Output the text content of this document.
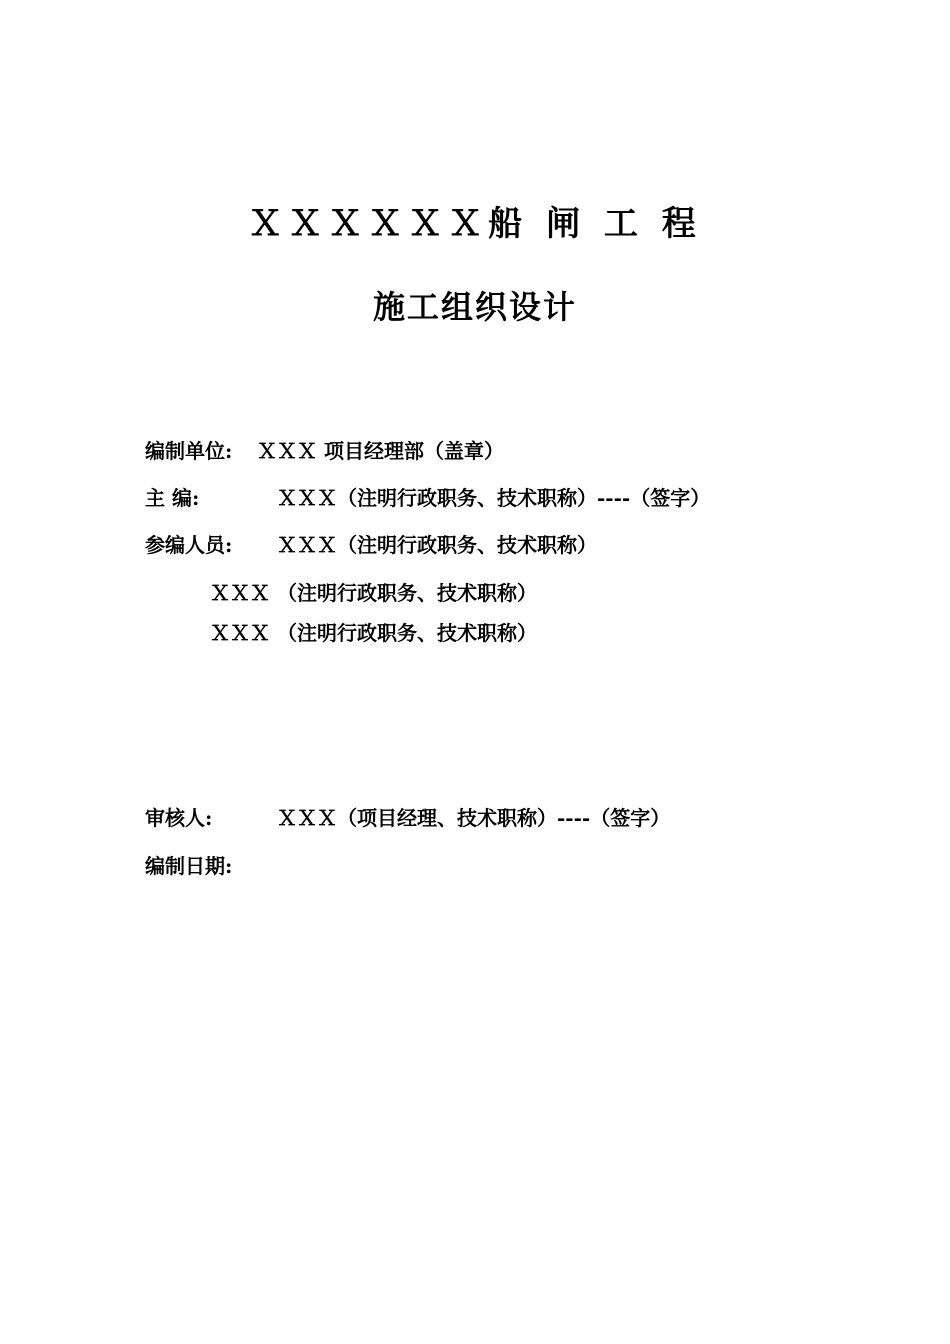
ＸＸＸＸＸＸ船 闸 工 程
施工组织设计
编制单位: ＸＸＸ 项目经理部（盖章）
主 编:	ＸＸＸ（注明行政职务、技术职称）----（签字）
参编人员: ＸＸＸ（注明行政职务、技术职称）
ＸＸＸ （注明行政职务、技术职称）
ＸＸＸ （注明行政职务、技术职称）
审核人:	ＸＸＸ（项目经理、技术职称）----（签字）
编制日期:
